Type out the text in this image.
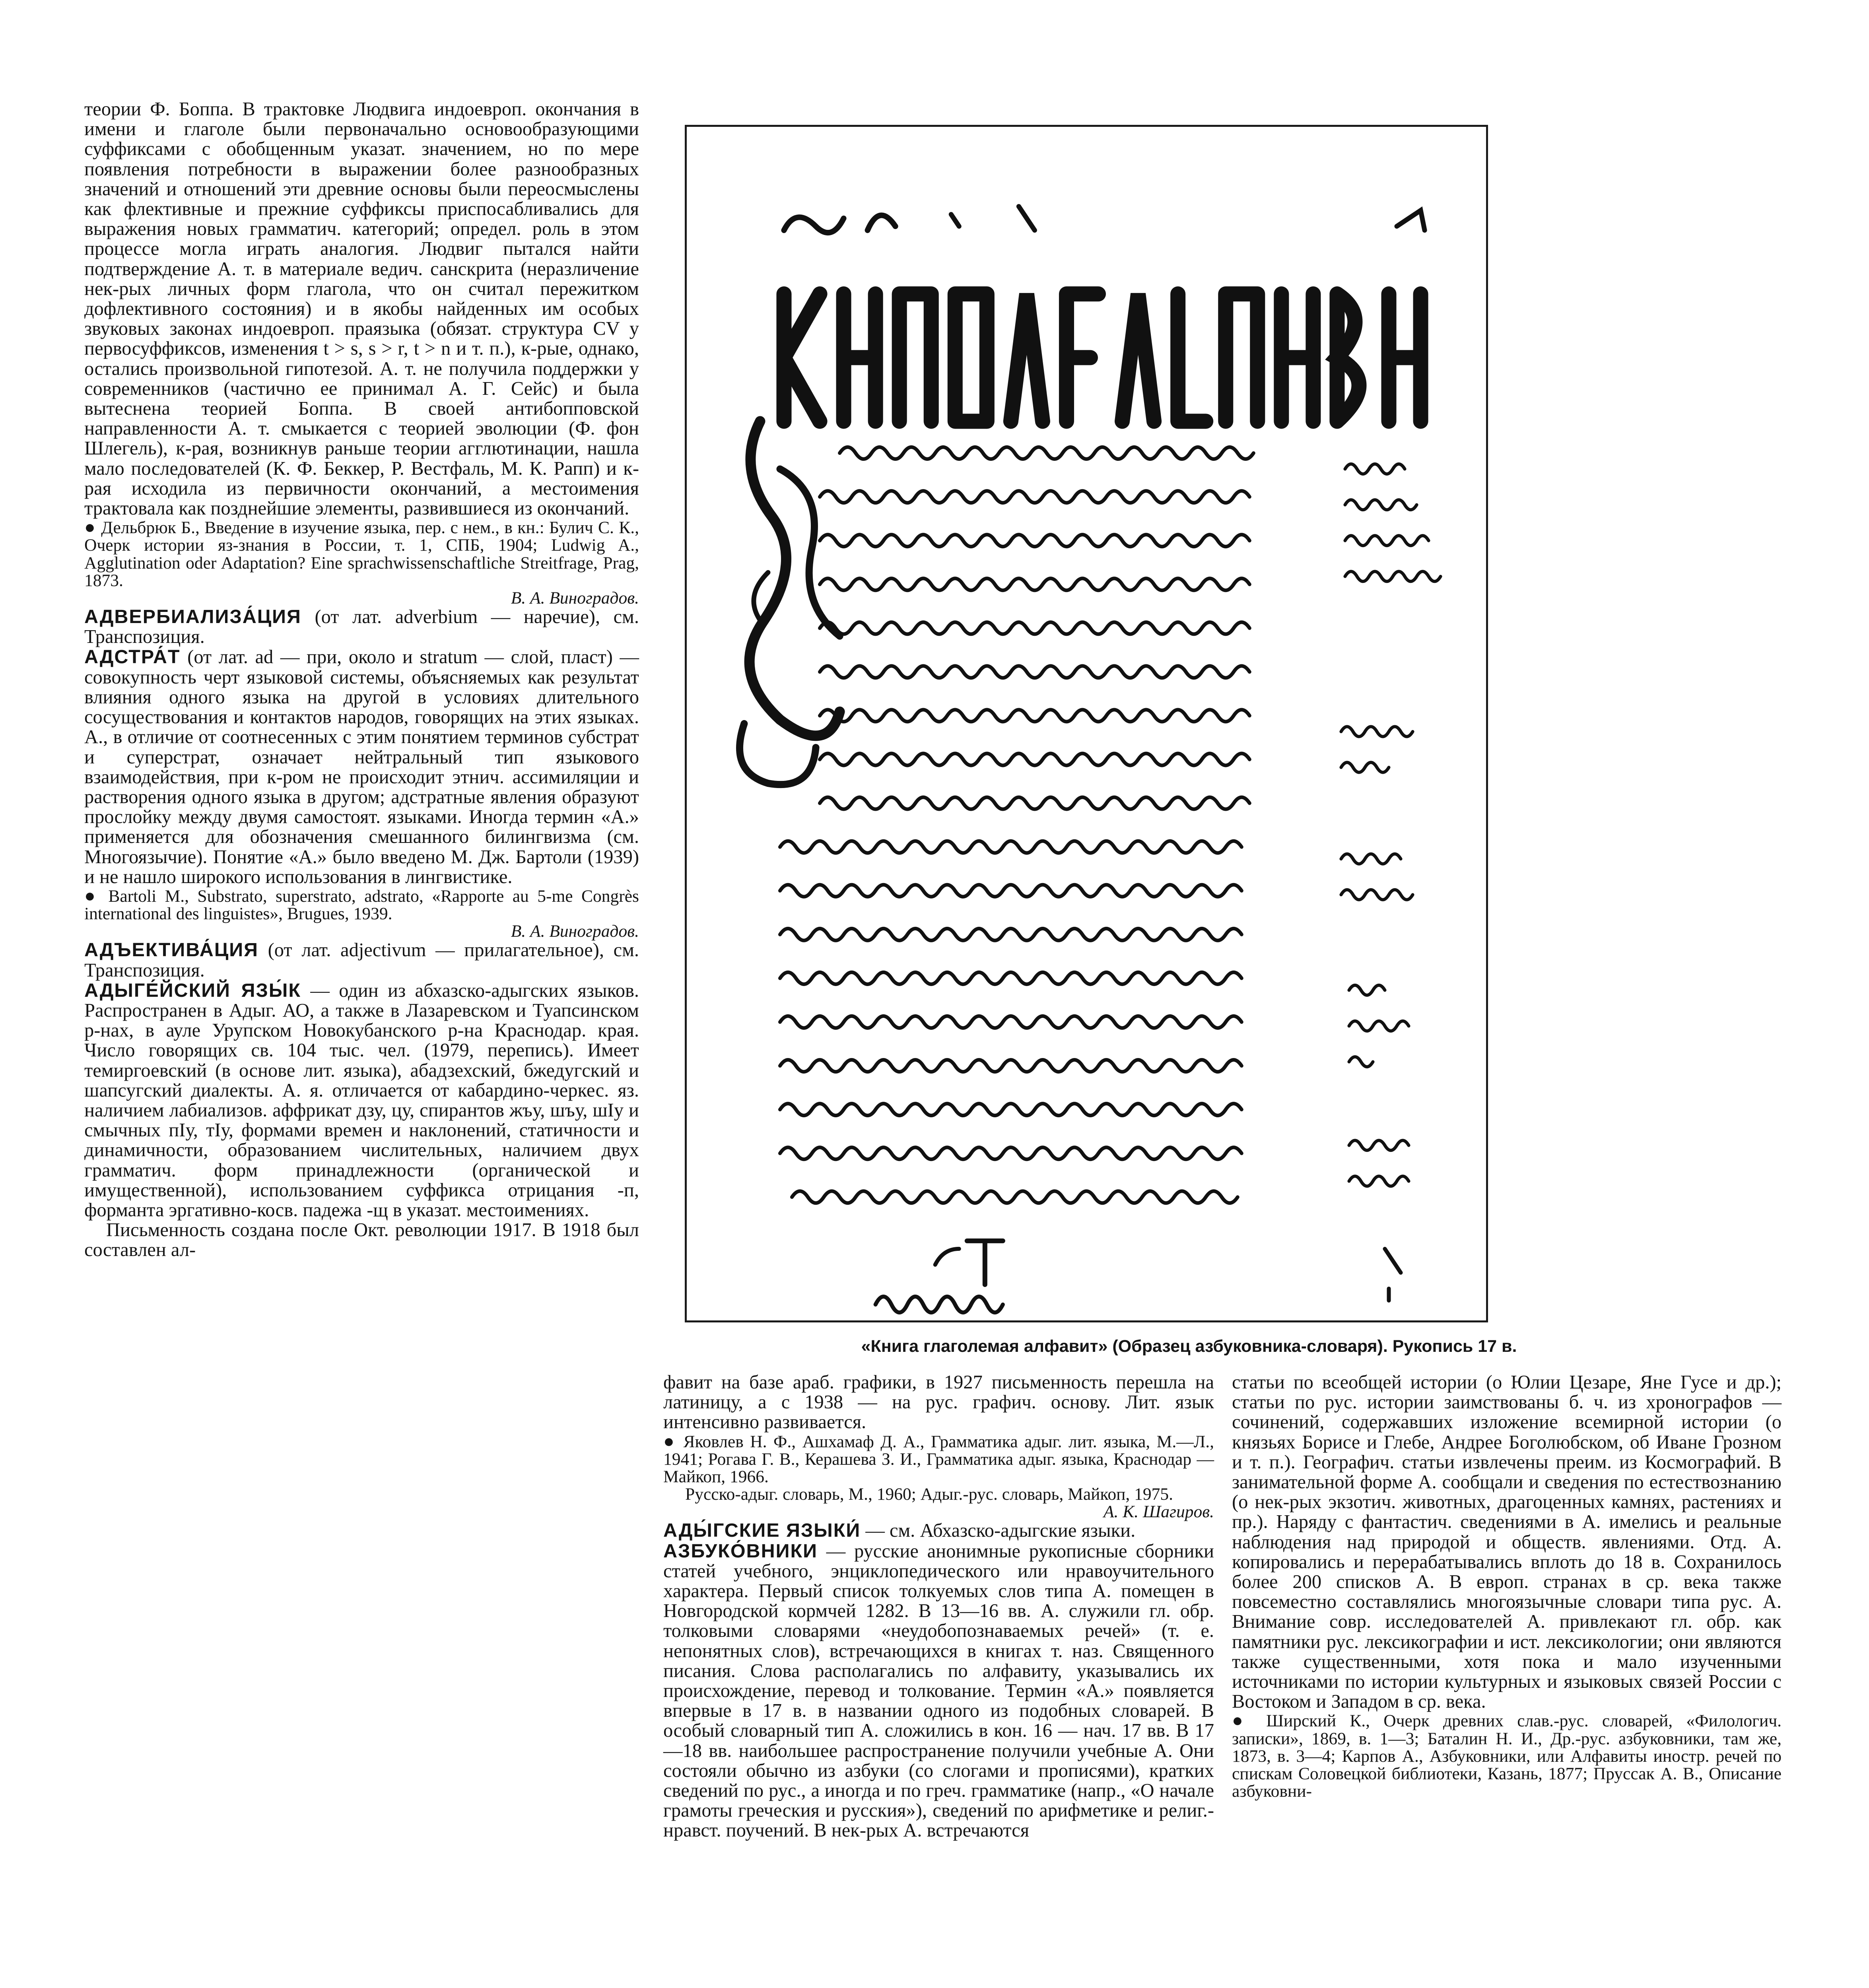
теории Ф. Боппа. В трактовке Людвига индоевроп. окончания в имени и глаголе были первоначально основообразующими суффиксами с обобщенным указат. значением, но по мере появления потребности в выражении более разнообразных значений и отношений эти древние основы были переосмыслены как флективные и прежние суффиксы приспосабливались для выражения новых грамматич. категорий; определ. роль в этом процессе могла играть аналогия. Людвиг пытался найти подтверждение А. т. в материале ведич. санскрита (неразличение нек-рых личных форм глагола, что он считал пережитком дофлективного состояния) и в якобы найденных им особых звуковых законах индоевроп. праязыка (обязат. структура CV у первосуффиксов, изменения t > s, s > r, t > n и т. п.), к-рые, однако, остались произвольной гипотезой. А. т. не получила поддержки у современников (частично ее принимал А. Г. Сейс) и была вытеснена теорией Боппа. В своей антибопповской направленности А. т. смыкается с теорией эволюции (Ф. фон Шлегель), к-рая, возникнув раньше теории агглютинации, нашла мало последователей (К. Ф. Беккер, Р. Вестфаль, М. К. Рапп) и к-рая исходила из первичности окончаний, а местоимения трактовала как позднейшие элементы, развившиеся из окончаний.

● Дельбрюк Б., Введение в изучение языка, пер. с нем., в кн.: Булич С. К., Очерк истории яз-знания в России, т. 1, СПБ, 1904; Ludwig A., Agglutination oder Adaptation? Eine sprachwissenschaftliche Streitfrage, Prag, 1873.

В. А. Виноградов.

АДВЕРБИАЛИЗА́ЦИЯ (от лат. adverbium — наречие), см. Транспозиция.

АДСТРА́Т (от лат. ad — при, около и stratum — слой, пласт) — совокупность черт языковой системы, объясняемых как результат влияния одного языка на другой в условиях длительного сосуществования и контактов народов, говорящих на этих языках. А., в отличие от соотнесенных с этим понятием терминов субстрат и суперстрат, означает нейтральный тип языкового взаимодействия, при к-ром не происходит этнич. ассимиляции и растворения одного языка в другом; адстратные явления образуют прослойку между двумя самостоят. языками. Иногда термин «А.» применяется для обозначения смешанного билингвизма (см. Многоязычие). Понятие «А.» было введено М. Дж. Бартоли (1939) и не нашло широкого использования в лингвистике.

● Bartoli M., Substrato, superstrato, adstrato, «Rapporte au 5-me Congrès international des linguistes», Brugues, 1939.

В. А. Виноградов.

АДЪЕКТИВА́ЦИЯ (от лат. adjectivum — прилагательное), см. Транспозиция.

АДЫГЕ́ЙСКИЙ ЯЗЫ́К — один из абхазско-адыгских языков. Распространен в Адыг. АО, а также в Лазаревском и Туапсинском р-нах, в ауле Урупском Новокубанского р-на Краснодар. края. Число говорящих св. 104 тыс. чел. (1979, перепись). Имеет темиргоевский (в основе лит. языка), абадзехский, бжедугский и шапсугский диалекты. А. я. отличается от кабардино-черкес. яз. наличием лабиализов. аффрикат дзу, цу, спирантов жъу, шъу, шIу и смычных пIу, тIу, формами времен и наклонений, статичности и динамичности, образованием числительных, наличием двух грамматич. форм принадлежности (органической и имущественной), использованием суффикса отрицания -п, форманта эргативно-косв. падежа -щ в указат. местоимениях.

Письменность создана после Окт. революции 1917. В 1918 был составлен ал-

«Книга глаголемая алфавит» (Образец азбуковника-словаря). Рукопись 17 в.

фавит на базе араб. графики, в 1927 письменность перешла на латиницу, а с 1938 — на рус. графич. основу. Лит. язык интенсивно развивается.

● Яковлев Н. Ф., Ашхамаф Д. А., Грамматика адыг. лит. языка, М.—Л., 1941; Рогава Г. В., Керашева З. И., Грамматика адыг. языка, Краснодар — Майкоп, 1966.

Русско-адыг. словарь, М., 1960; Адыг.-рус. словарь, Майкоп, 1975.

А. К. Шагиров.

АДЫ́ГСКИЕ ЯЗЫКИ́ — см. Абхазско-адыгские языки.

АЗБУКО́ВНИКИ — русские анонимные рукописные сборники статей учебного, энциклопедического или нравоучительного характера. Первый список толкуемых слов типа А. помещен в Новгородской кормчей 1282. В 13—16 вв. А. служили гл. обр. толковыми словарями «неудобопознаваемых речей» (т. е. непонятных слов), встречающихся в книгах т. наз. Священного писания. Слова располагались по алфавиту, указывались их происхождение, перевод и толкование. Термин «А.» появляется впервые в 17 в. в названии одного из подобных словарей. В особый словарный тип А. сложились в кон. 16 — нач. 17 вв. В 17—18 вв. наибольшее распространение получили учебные А. Они состояли обычно из азбуки (со слогами и прописями), кратких сведений по рус., а иногда и по греч. грамматике (напр., «О начале грамоты греческия и русския»), сведений по арифметике и религ.-нравст. поучений. В нек-рых А. встречаются

статьи по всеобщей истории (о Юлии Цезаре, Яне Гусе и др.); статьи по рус. истории заимствованы б. ч. из хронографов — сочинений, содержавших изложение всемирной истории (о князьях Борисе и Глебе, Андрее Боголюбском, об Иване Грозном и т. п.). Географич. статьи извлечены преим. из Космографий. В занимательной форме А. сообщали и сведения по естествознанию (о нек-рых экзотич. животных, драгоценных камнях, растениях и пр.). Наряду с фантастич. сведениями в А. имелись и реальные наблюдения над природой и обществ. явлениями. Отд. А. копировались и перерабатывались вплоть до 18 в. Сохранилось более 200 списков А. В европ. странах в ср. века также повсеместно составлялись многоязычные словари типа рус. А. Внимание совр. исследователей А. привлекают гл. обр. как памятники рус. лексикографии и ист. лексикологии; они являются также существенными, хотя пока и мало изученными источниками по истории культурных и языковых связей России с Востоком и Западом в ср. века.

● Ширский К., Очерк древних слав.-рус. словарей, «Филологич. записки», 1869, в. 1—3; Баталин Н. И., Др.-рус. азбуковники, там же, 1873, в. 3—4; Карпов А., Азбуковники, или Алфавиты иностр. речей по спискам Соловецкой библиотеки, Казань, 1877; Пруссак А. В., Описание азбуковни-
